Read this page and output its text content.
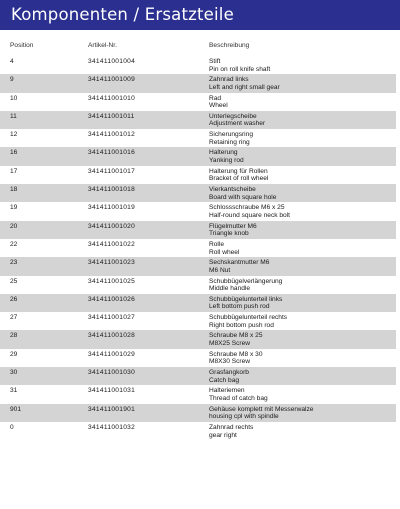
Komponenten / Ersatzteile
Position	Artikel-Nr.	Beschreibung
4	341411001004	Stift
Pin on roll knife shaft
9	341411001009	Zahnrad links
Left and right small gear
10	341411001010	Rad
Wheel
11	341411001011	Unterlegscheibe
Adjustment washer
12	341411001012	Sicherungsring
Retaining ring
16	341411001016	Halterung
Yanking rod
17	341411001017	Halterung für Rollen
Bracket of roll wheel
18	341411001018	Vierkantscheibe
Board with square hole
19	341411001019	Schlossschraube M6 x 25
Half-round square neck bolt
20	341411001020	Flügelmutter M6
Triangle knob
22	341411001022	Rolle
Roll wheel
23	341411001023	Sechskantmutter M6
M6 Nut
25	341411001025	Schubbügelverlängerung
Middle handle
26	341411001026	Schubbügelunterteil links
Left bottom push rod
27	341411001027	Schubbügelunterteil rechts
Right bottom push rod
28	341411001028	Schraube M8 x 25
M8X25 Screw
29	341411001029	Schraube M8 x 30
M8X30 Screw
30	341411001030	Grasfangkorb
Catch bag
31	341411001031	Halteriemen
Thread of catch bag
901	341411001901	Gehäuse komplett mit Messerwalze
housing cpl with spindle
0	341411001032	Zahnrad rechts
gear right
